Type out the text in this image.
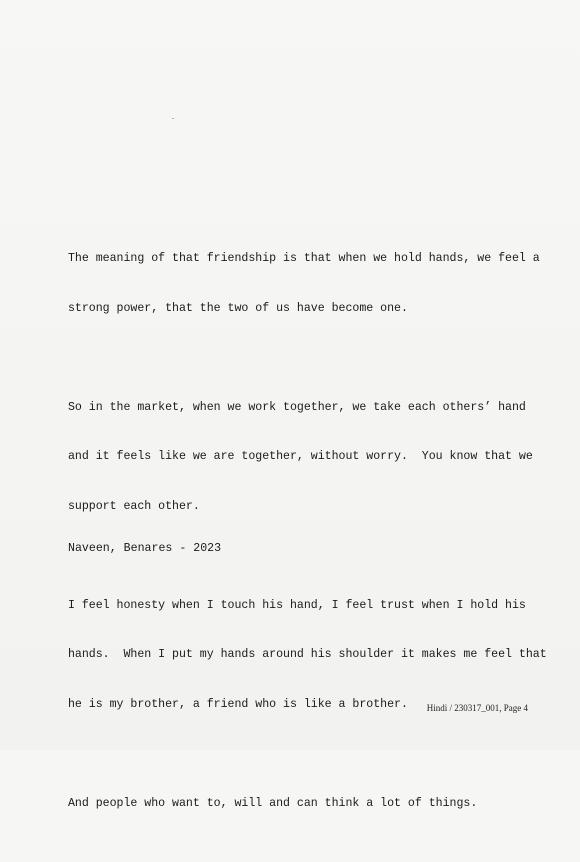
The meaning of that friendship is that when we hold hands, we feel a

strong power, that the two of us have become one.

So in the market, when we work together, we take each others’ hand

and it feels like we are together, without worry.  You know that we

support each other.

I feel honesty when I touch his hand, I feel trust when I hold his

hands.  When I put my hands around his shoulder it makes me feel that

he is my brother, a friend who is like a brother.

And people who want to, will and can think a lot of things.

Naveen, Benares - 2023
Hindi / 230317_001, Page 4
